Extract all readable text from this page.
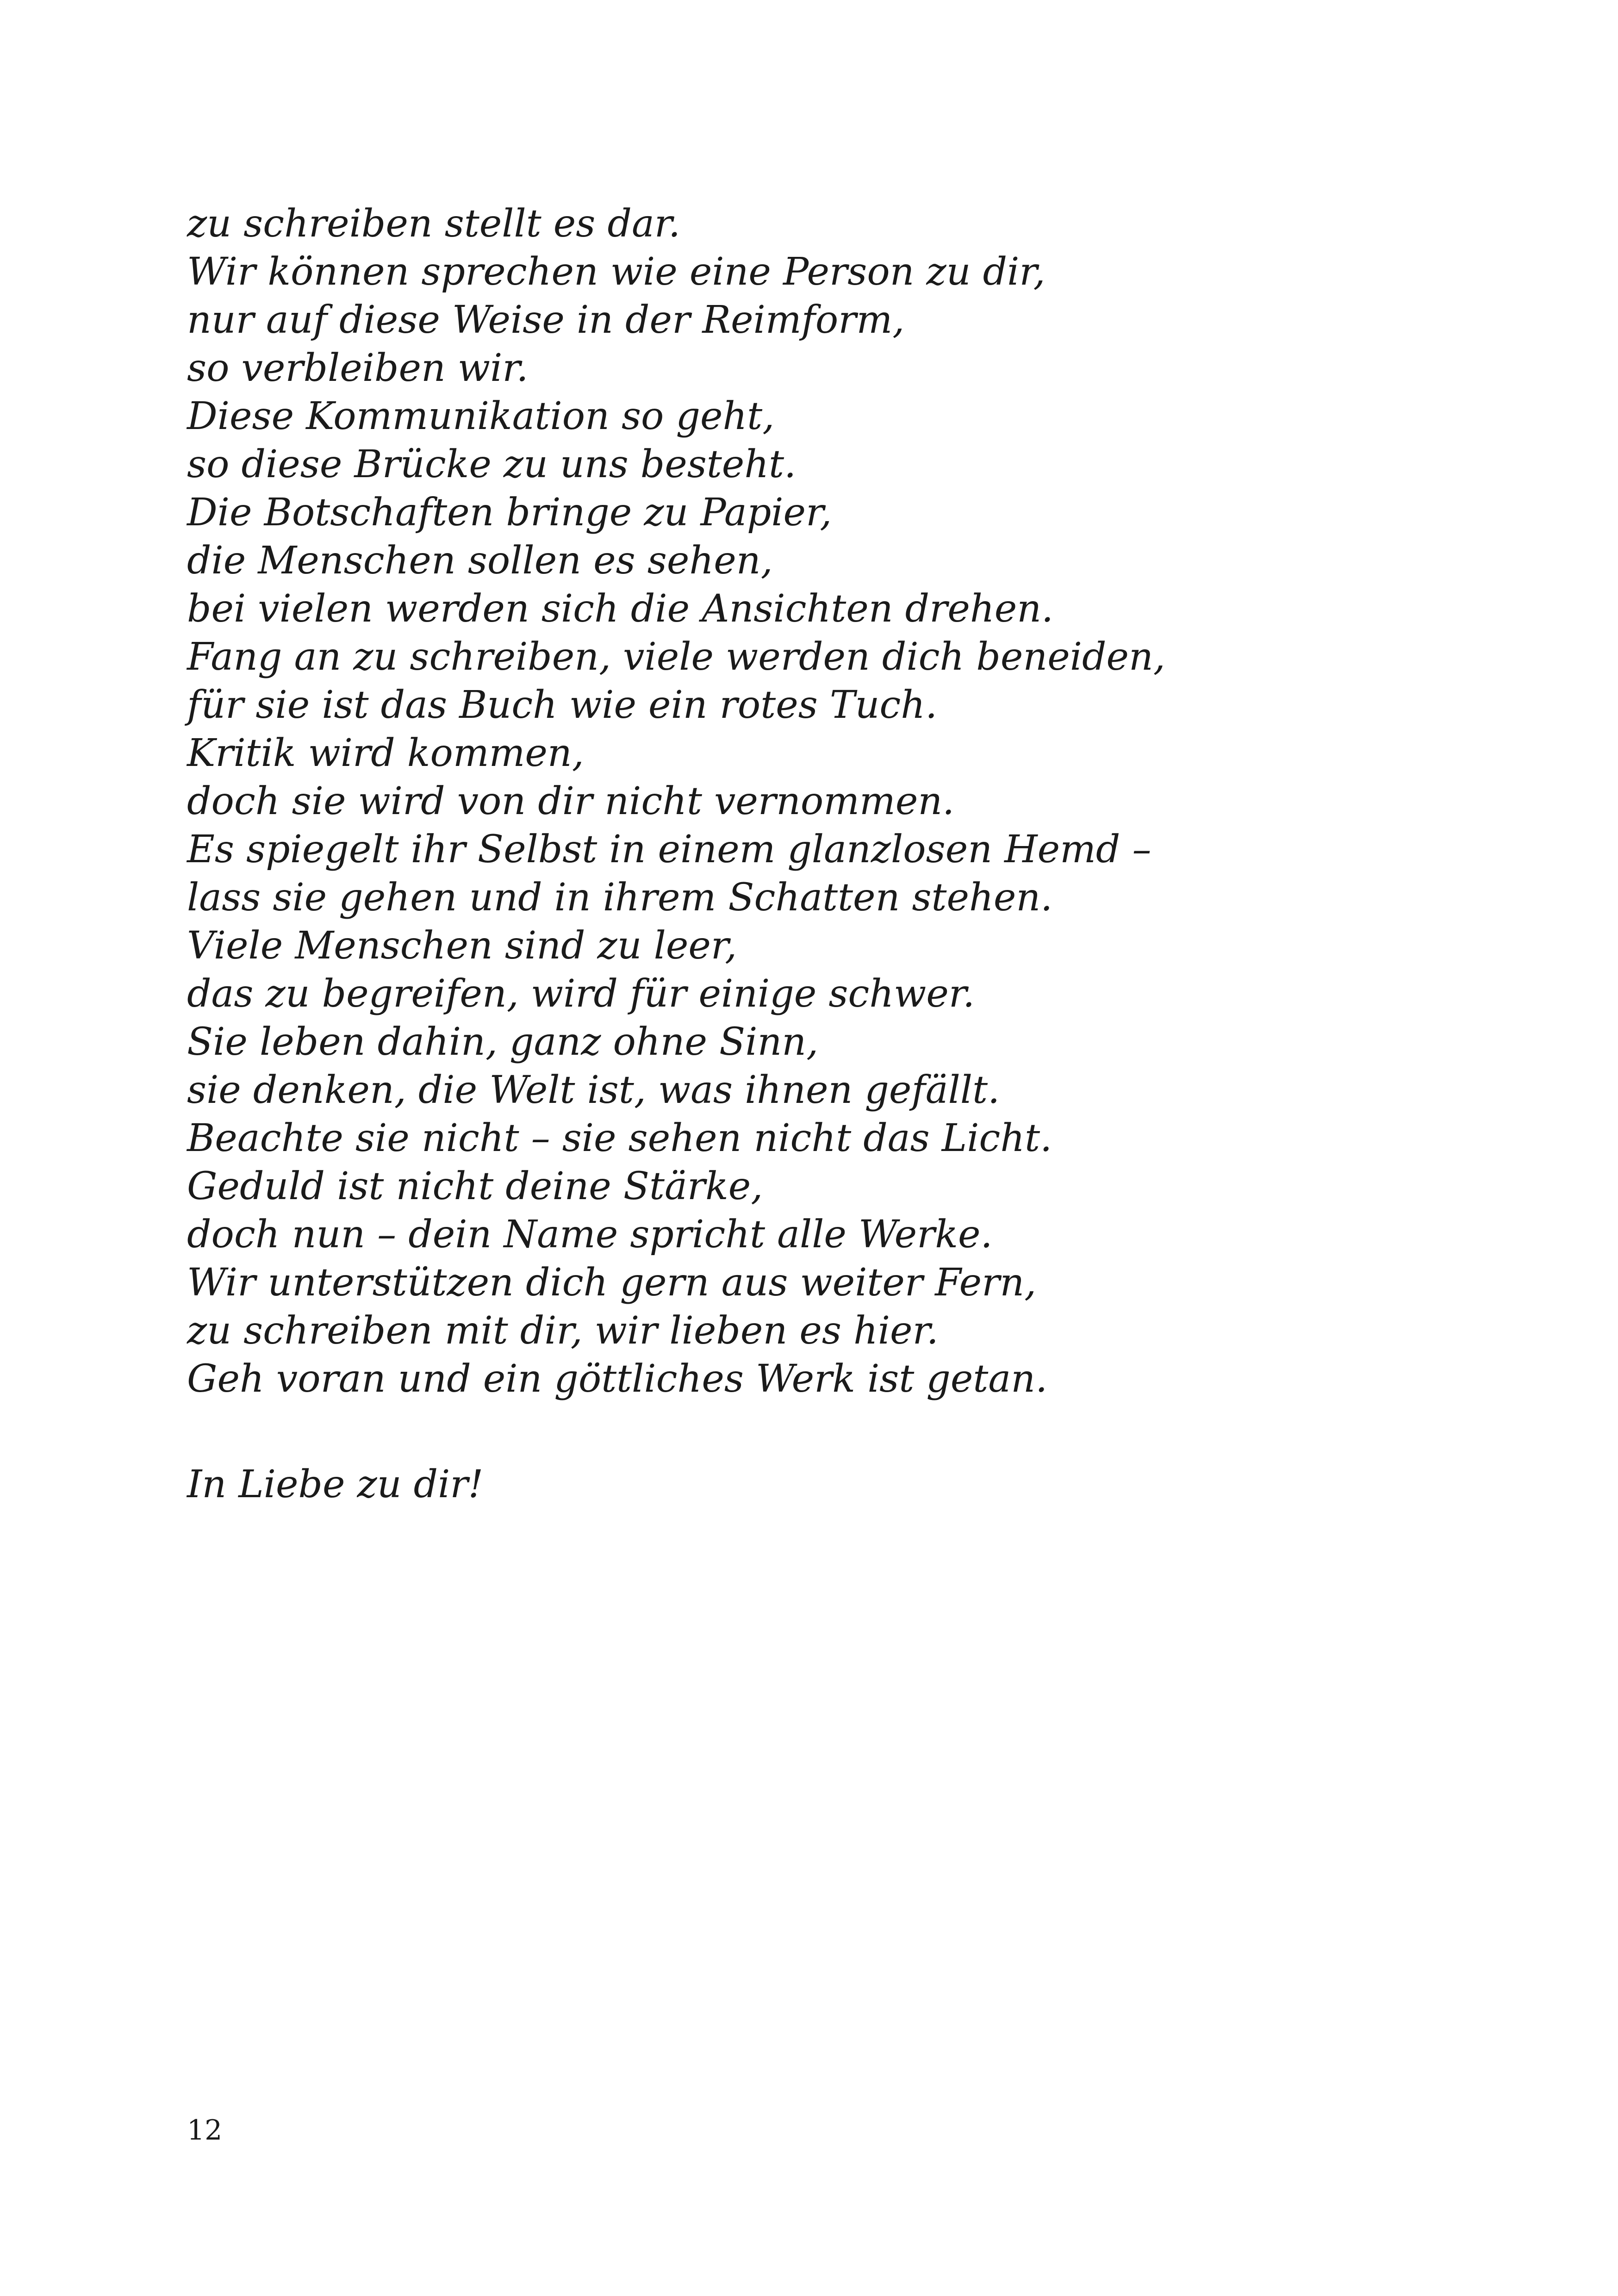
zu schreiben stellt es dar.
Wir können sprechen wie eine Person zu dir,
nur auf diese Weise in der Reimform,
so verbleiben wir.
Diese Kommunikation so geht,
so diese Brücke zu uns besteht.
Die Botschaften bringe zu Papier,
die Menschen sollen es sehen,
bei vielen werden sich die Ansichten drehen.
Fang an zu schreiben, viele werden dich beneiden,
für sie ist das Buch wie ein rotes Tuch.
Kritik wird kommen,
doch sie wird von dir nicht vernommen.
Es spiegelt ihr Selbst in einem glanzlosen Hemd –
lass sie gehen und in ihrem Schatten stehen.
Viele Menschen sind zu leer,
das zu begreifen, wird für einige schwer.
Sie leben dahin, ganz ohne Sinn,
sie denken, die Welt ist, was ihnen gefällt.
Beachte sie nicht – sie sehen nicht das Licht.
Geduld ist nicht deine Stärke,
doch nun – dein Name spricht alle Werke.
Wir unterstützen dich gern aus weiter Fern,
zu schreiben mit dir, wir lieben es hier.
Geh voran und ein göttliches Werk ist getan.
In Liebe zu dir!
12
